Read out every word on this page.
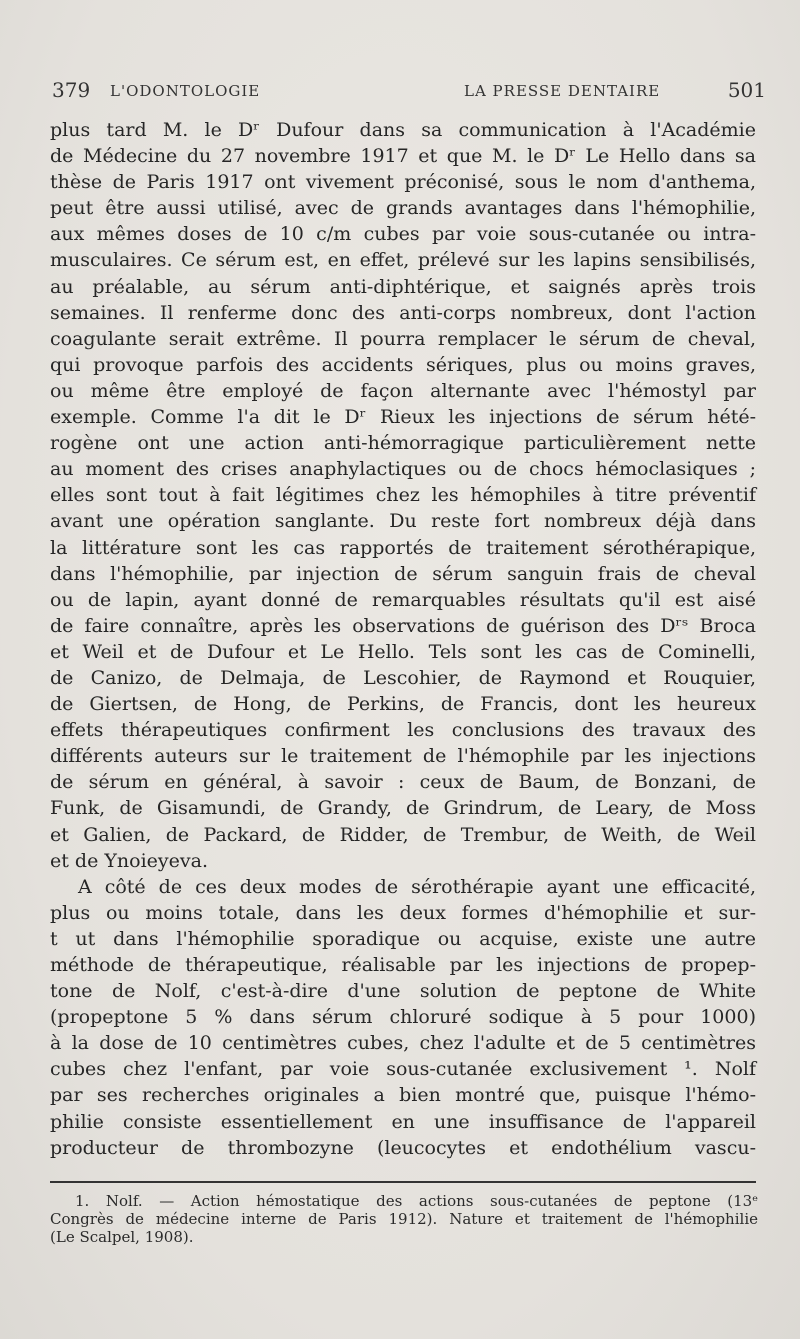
379 L'ODONTOLOGIE	LA PRESSE DENTAIRE	501
plus tard M. le Dʳ Dufour dans sa communication à l'Académie
de Médecine du 27 novembre 1917 et que M. le Dʳ Le Hello dans sa
thèse de Paris 1917 ont vivement préconisé, sous le nom d'anthema,
peut être aussi utilisé, avec de grands avantages dans l'hémophilie,
aux mêmes doses de 10 c/m cubes par voie sous-cutanée ou intra-
musculaires. Ce sérum est, en effet, prélevé sur les lapins sensibilisés,
au préalable, au sérum anti-diphtérique, et saignés après trois
semaines. Il renferme donc des anti-corps nombreux, dont l'action
coagulante serait extrême. Il pourra remplacer le sérum de cheval,
qui provoque parfois des accidents sériques, plus ou moins graves,
ou même être employé de façon alternante avec l'hémostyl par
exemple. Comme l'a dit le Dʳ Rieux les injections de sérum hété-
rogène ont une action anti-hémorragique particulièrement nette
au moment des crises anaphylactiques ou de chocs hémoclasiques ;
elles sont tout à fait légitimes chez les hémophiles à titre préventif
avant une opération sanglante. Du reste fort nombreux déjà dans
la littérature sont les cas rapportés de traitement sérothérapique,
dans l'hémophilie, par injection de sérum sanguin frais de cheval
ou de lapin, ayant donné de remarquables résultats qu'il est aisé
de faire connaître, après les observations de guérison des Dʳˢ Broca
et Weil et de Dufour et Le Hello. Tels sont les cas de Cominelli,
de Canizo, de Delmaja, de Lescohier, de Raymond et Rouquier,
de Giertsen, de Hong, de Perkins, de Francis, dont les heureux
effets thérapeutiques confirment les conclusions des travaux des
différents auteurs sur le traitement de l'hémophile par les injections
de sérum en général, à savoir : ceux de Baum, de Bonzani, de
Funk, de Gisamundi, de Grandy, de Grindrum, de Leary, de Moss
et Galien, de Packard, de Ridder, de Trembur, de Weith, de Weil
et de Ynoieyeva.
A côté de ces deux modes de sérothérapie ayant une efficacité,
plus ou moins totale, dans les deux formes d'hémophilie et sur-
t ut dans l'hémophilie sporadique ou acquise, existe une autre
méthode de thérapeutique, réalisable par les injections de propep-
tone de Nolf, c'est-à-dire d'une solution de peptone de White
(propeptone 5 % dans sérum chloruré sodique à 5 pour 1000)
à la dose de 10 centimètres cubes, chez l'adulte et de 5 centimètres
cubes chez l'enfant, par voie sous-cutanée exclusivement ¹. Nolf
par ses recherches originales a bien montré que, puisque l'hémo-
philie consiste essentiellement en une insuffisance de l'appareil
producteur de thrombozyne (leucocytes et endothélium vascu-
1. Nolf. — Action hémostatique des actions sous-cutanées de peptone (13ᵉ
Congrès de médecine interne de Paris 1912). Nature et traitement de l'hémophilie
(Le Scalpel, 1908).
